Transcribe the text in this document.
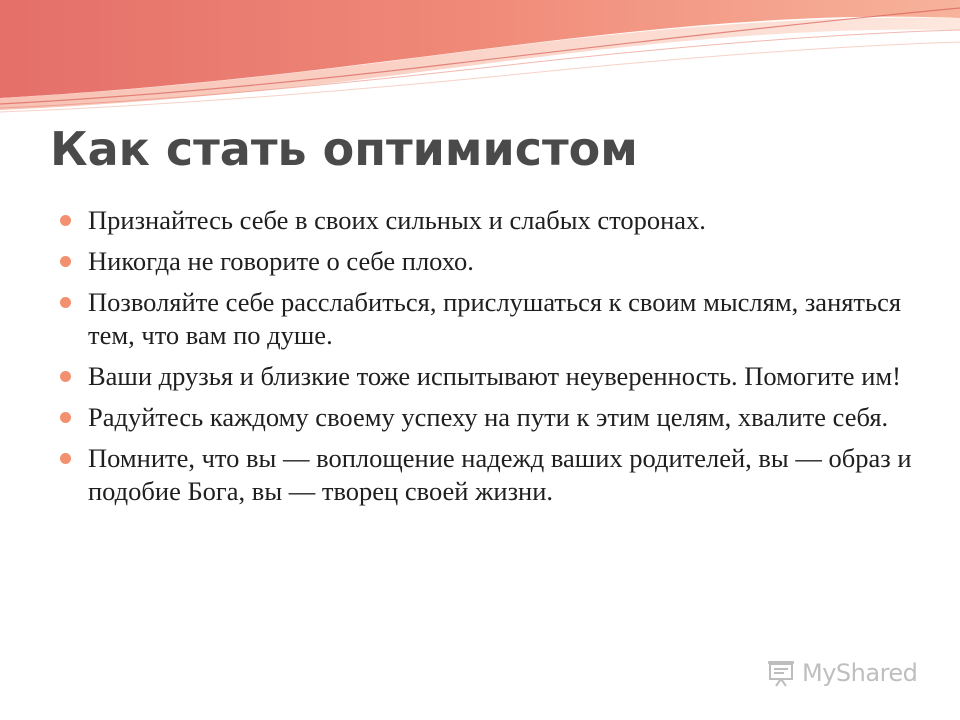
Как стать оптимистом
Признайтесь себе в своих сильных и слабых сторонах.
Никогда не говорите о себе плохо.
Позволяйте себе расслабиться, прислушаться к своим мыслям, заняться тем, что вам по душе.
Ваши друзья и близкие тоже испытывают неуверенность. Помогите им!
Радуйтесь каждому своему успеху на пути к этим целям, хвалите себя.
Помните, что вы — воплощение надежд ваших родителей, вы — образ и подобие Бога, вы — творец своей жизни.
MyShared
